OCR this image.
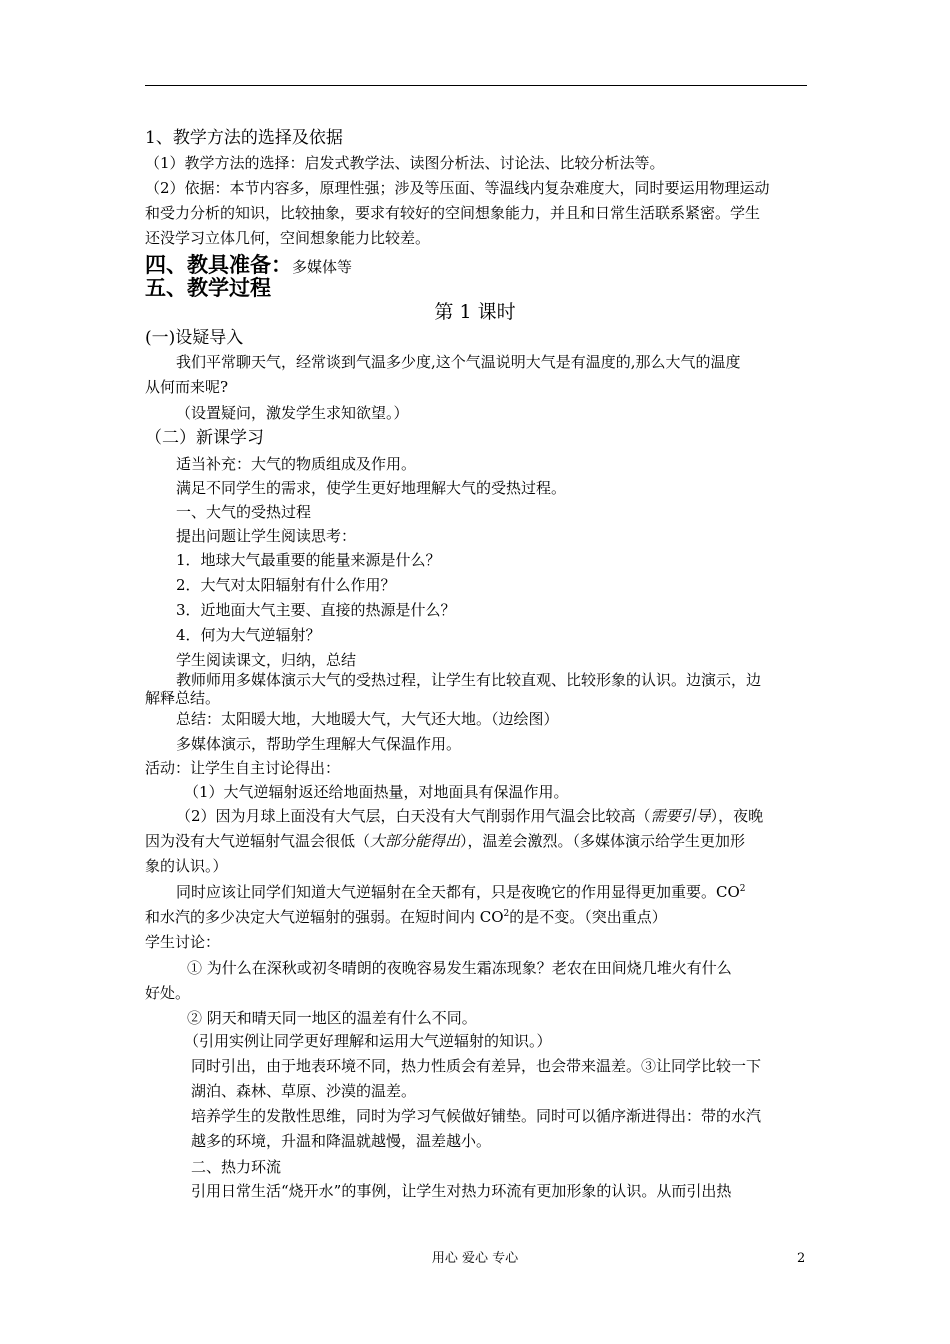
1、教学方法的选择及依据
（1）教学方法的选择：启发式教学法、读图分析法、讨论法、比较分析法等。
（2）依据：本节内容多，原理性强；涉及等压面、等温线内复杂难度大，同时要运用物理运动
和受力分析的知识，比较抽象，要求有较好的空间想象能力，并且和日常生活联系紧密。学生
还没学习立体几何，空间想象能力比较差。
四、教具准备：多媒体等
五、教学过程
第 1 课时
(一)设疑导入
我们平常聊天气，经常谈到气温多少度,这个气温说明大气是有温度的,那么大气的温度
从何而来呢?
（设置疑问，激发学生求知欲望。）
（二）新课学习
适当补充：大气的物质组成及作用。
满足不同学生的需求，使学生更好地理解大气的受热过程。
一、大气的受热过程
提出问题让学生阅读思考：
1．地球大气最重要的能量来源是什么？
2．大气对太阳辐射有什么作用？
3．近地面大气主要、直接的热源是什么？
4．何为大气逆辐射？
学生阅读课文，归纳，总结
教师师用多媒体演示大气的受热过程，让学生有比较直观、比较形象的认识。边演示，边
解释总结。
总结：太阳暖大地，大地暖大气，大气还大地。（边绘图）
多媒体演示，帮助学生理解大气保温作用。
活动：让学生自主讨论得出：
（1）大气逆辐射返还给地面热量，对地面具有保温作用。
（2）因为月球上面没有大气层，白天没有大气削弱作用气温会比较高（需要引导），夜晚
因为没有大气逆辐射气温会很低（大部分能得出），温差会激烈。（多媒体演示给学生更加形
象的认识。）
同时应该让同学们知道大气逆辐射在全天都有，只是夜晚它的作用显得更加重要。$CO^2$
和水汽的多少决定大气逆辐射的强弱。在短时间内 $CO^2$的是不变。（突出重点）
学生讨论：
① 为什么在深秋或初冬晴朗的夜晚容易发生霜冻现象？老农在田间烧几堆火有什么
好处。
② 阴天和晴天同一地区的温差有什么不同。
（引用实例让同学更好理解和运用大气逆辐射的知识。）
同时引出，由于地表环境不同，热力性质会有差异，也会带来温差。③让同学比较一下
湖泊、森林、草原、沙漠的温差。
培养学生的发散性思维，同时为学习气候做好铺垫。同时可以循序渐进得出：带的水汽
越多的环境，升温和降温就越慢，温差越小。
二、热力环流
引用日常生活“烧开水”的事例，让学生对热力环流有更加形象的认识。从而引出热
用心 爱心 专心	2
